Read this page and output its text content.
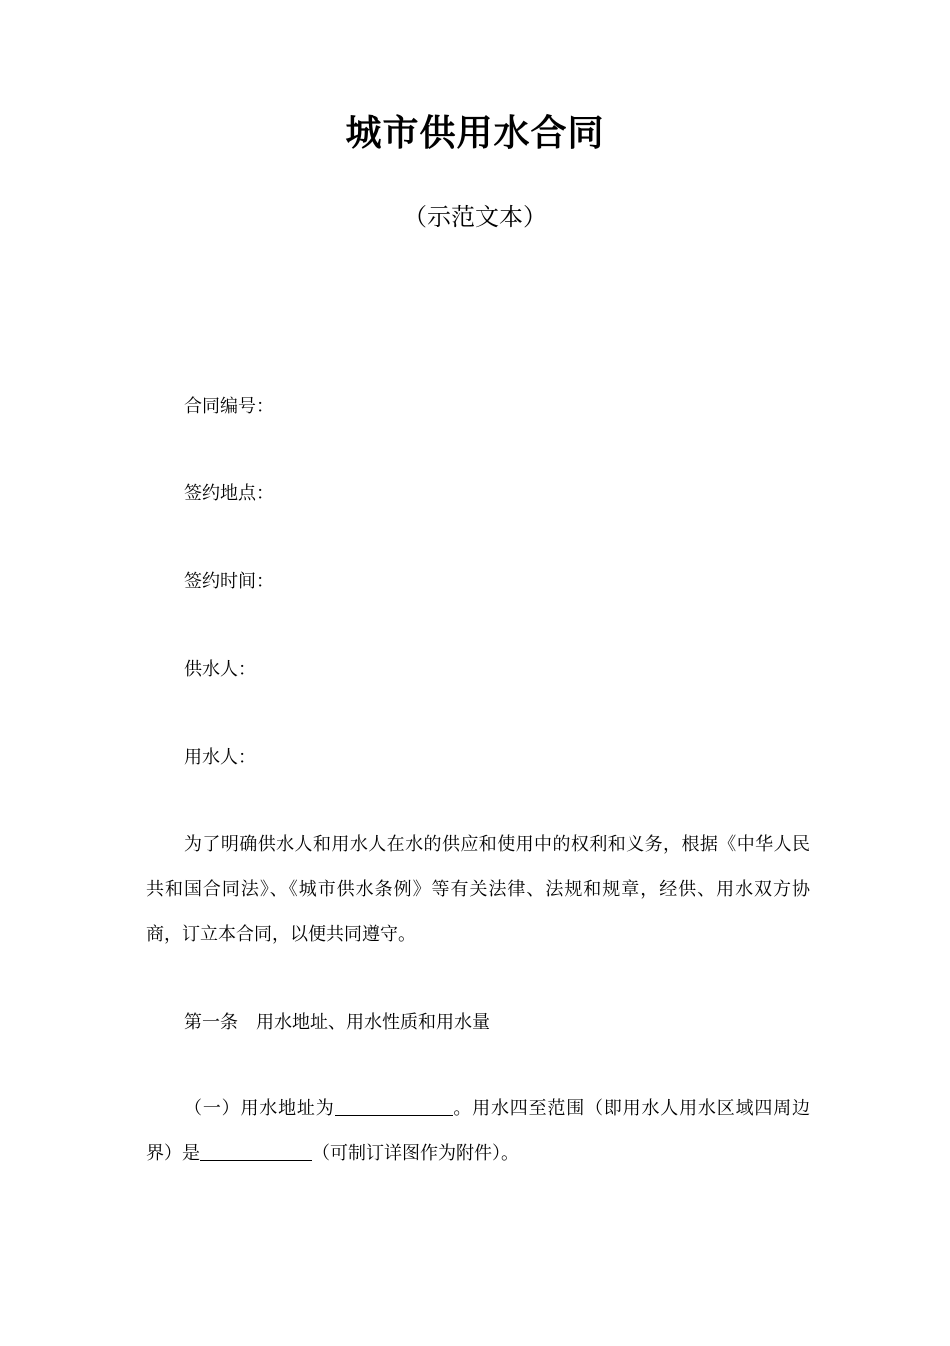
城市供用水合同
（示范文本）
合同编号：
签约地点：
签约时间：
供水人：
用水人：
为了明确供水人和用水人在水的供应和使用中的权利和义务，根据《中华人民共和国合同法》、《城市供水条例》等有关法律、法规和规章，经供、用水双方协商，订立本合同，以便共同遵守。
第一条 用水地址、用水性质和用水量
（一）用水地址为	。用水四至范围（即用水人用水区域四周边界）是	（可制订详图作为附件）。
